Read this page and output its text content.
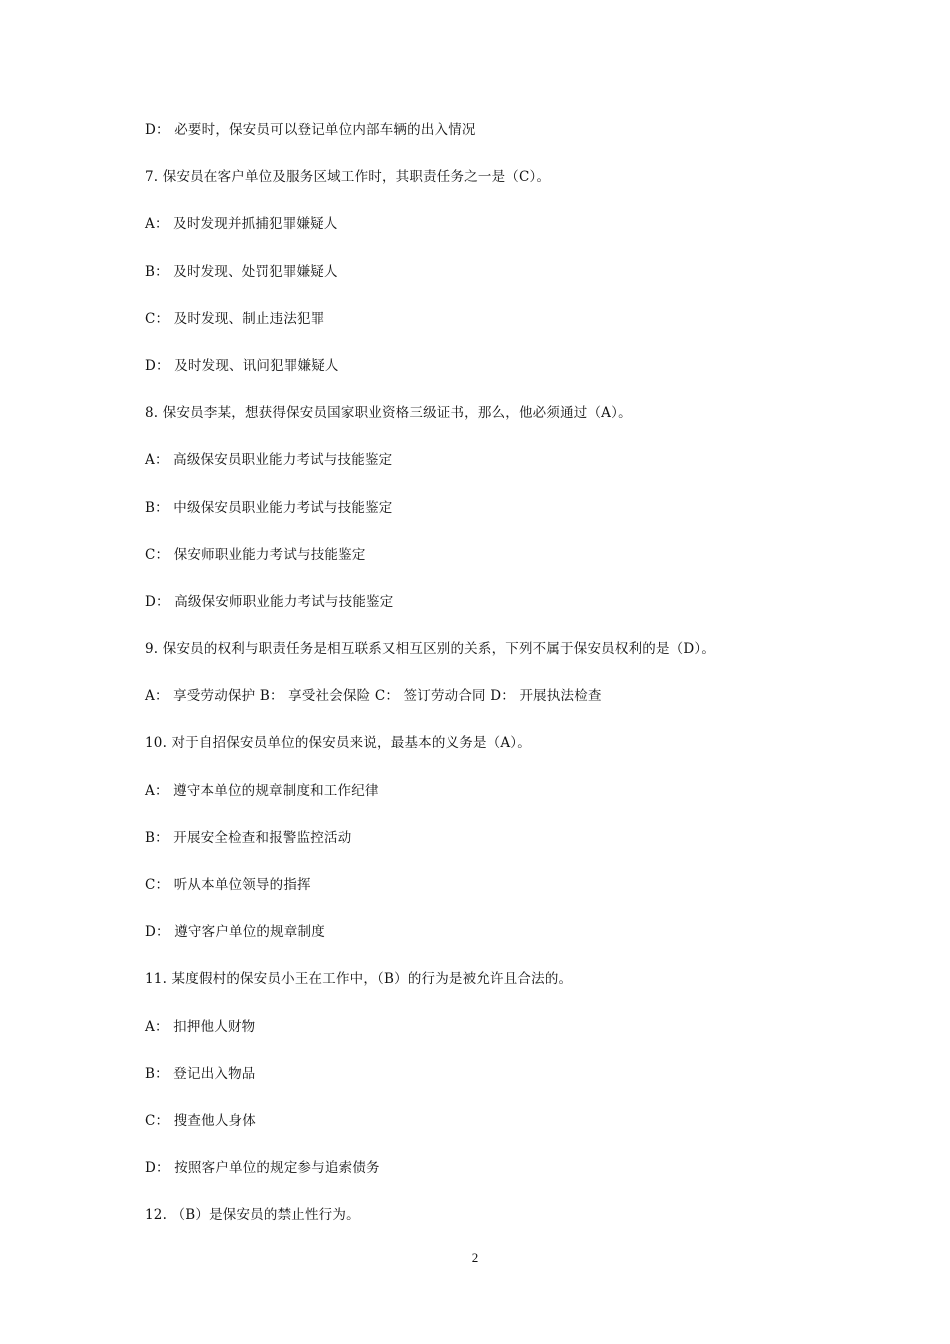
D： 必要时，保安员可以登记单位内部车辆的出入情况
7. 保安员在客户单位及服务区域工作时，其职责任务之一是（C）。
A： 及时发现并抓捕犯罪嫌疑人
B： 及时发现、处罚犯罪嫌疑人
C： 及时发现、制止违法犯罪
D： 及时发现、讯问犯罪嫌疑人
8. 保安员李某，想获得保安员国家职业资格三级证书，那么，他必须通过（A）。
A： 高级保安员职业能力考试与技能鉴定
B： 中级保安员职业能力考试与技能鉴定
C： 保安师职业能力考试与技能鉴定
D： 高级保安师职业能力考试与技能鉴定
9. 保安员的权利与职责任务是相互联系又相互区别的关系，下列不属于保安员权利的是（D）。
A： 享受劳动保护 B： 享受社会保险 C： 签订劳动合同 D： 开展执法检查
10. 对于自招保安员单位的保安员来说，最基本的义务是（A）。
A： 遵守本单位的规章制度和工作纪律
B： 开展安全检查和报警监控活动
C： 听从本单位领导的指挥
D： 遵守客户单位的规章制度
11. 某度假村的保安员小王在工作中，（B）的行为是被允许且合法的。
A： 扣押他人财物
B： 登记出入物品
C： 搜查他人身体
D： 按照客户单位的规定参与追索债务
12. （B）是保安员的禁止性行为。
2
